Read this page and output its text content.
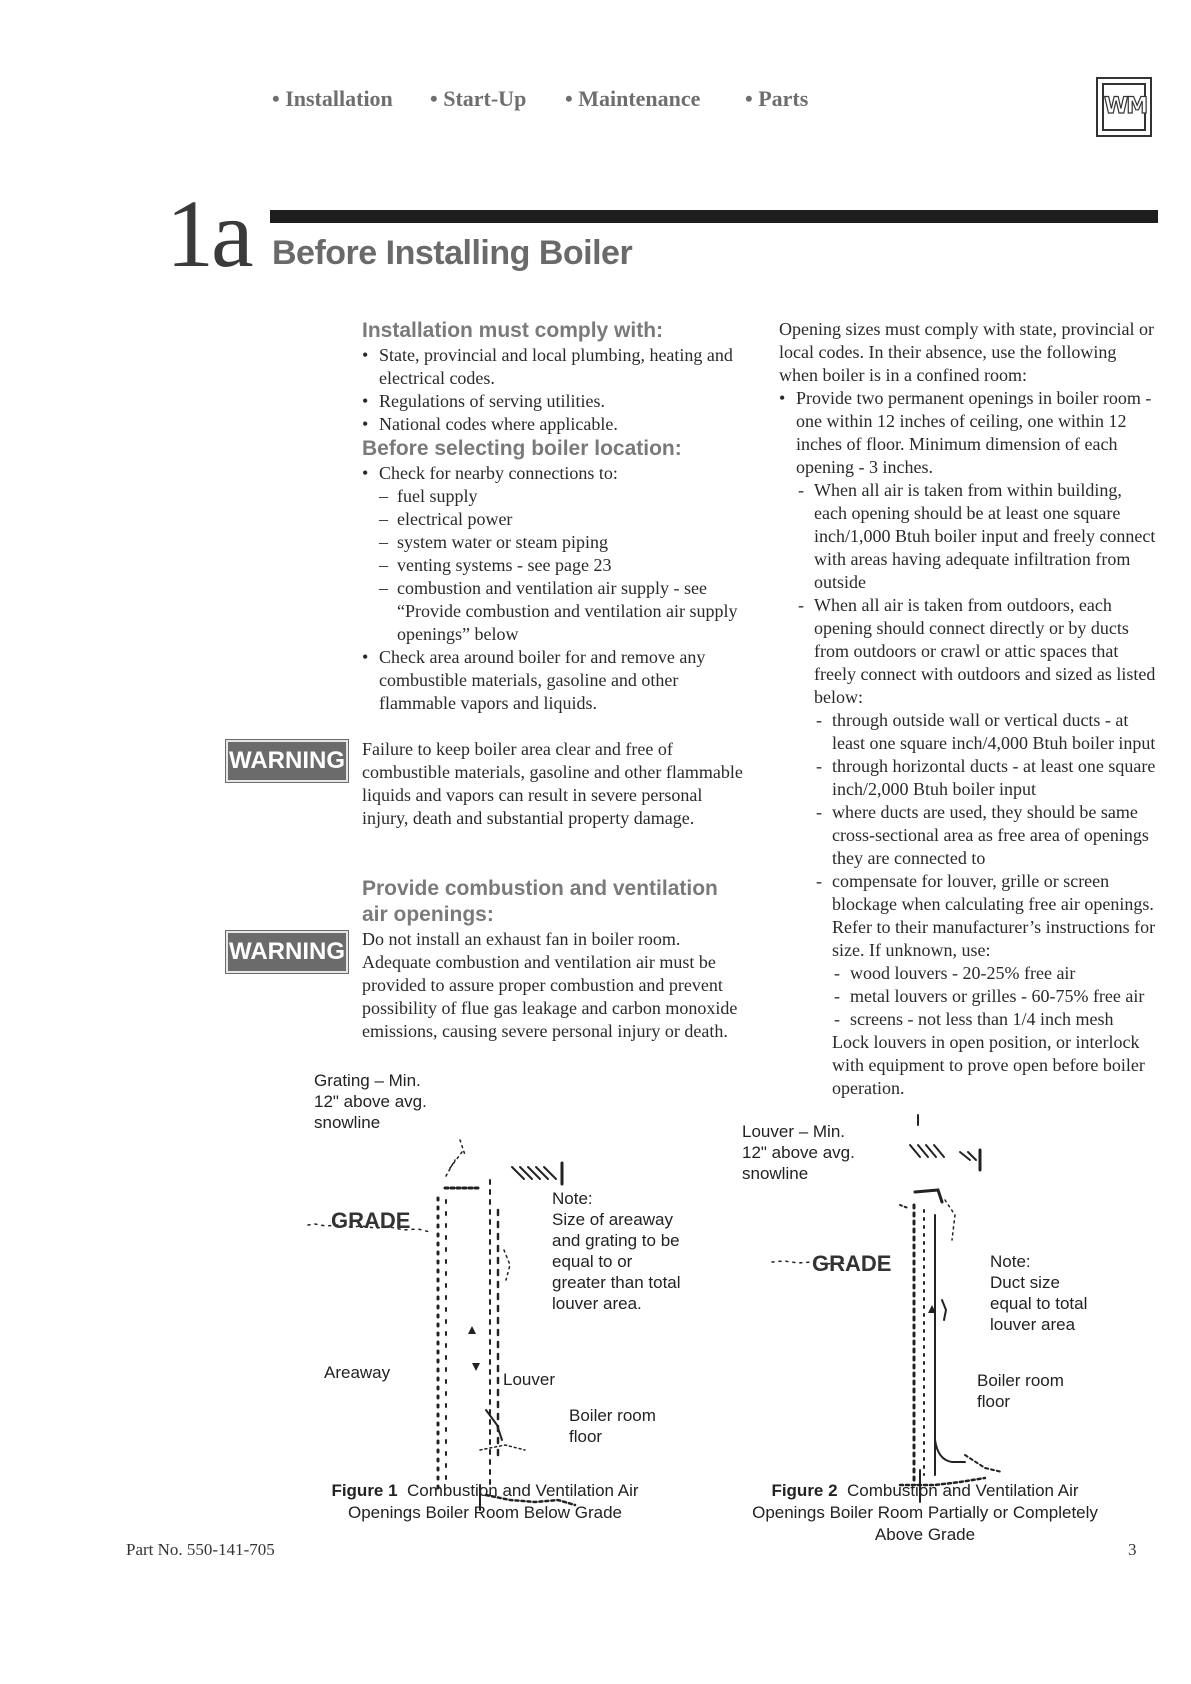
• Installation • Start-Up • Maintenance • Parts	WM
1a Before Installing Boiler
Installation must comply with:
• State, provincial and local plumbing, heating and electrical codes.
• Regulations of serving utilities.
• National codes where applicable.
Before selecting boiler location:
• Check for nearby connections to:
– fuel supply
– electrical power
– system water or steam piping
– venting systems - see page 23
– combustion and ventilation air supply - see “Provide combustion and ventilation air supply openings” below
• Check area around boiler for and remove any combustible materials, gasoline and other flammable vapors and liquids.
WARNING Failure to keep boiler area clear and free of combustible materials, gasoline and other flammable liquids and vapors can result in severe personal injury, death and substantial property damage.
Provide combustion and ventilation air openings:
WARNING Do not install an exhaust fan in boiler room. Adequate combustion and ventilation air must be provided to assure proper combustion and prevent possibility of flue gas leakage and carbon monoxide emissions, causing severe personal injury or death.
Opening sizes must comply with state, provincial or local codes. In their absence, use the following when boiler is in a confined room:
• Provide two permanent openings in boiler room - one within 12 inches of ceiling, one within 12 inches of floor. Minimum dimension of each opening - 3 inches.
- When all air is taken from within building, each opening should be at least one square inch/1,000 Btuh boiler input and freely connect with areas having adequate infiltration from outside
- When all air is taken from outdoors, each opening should connect directly or by ducts from outdoors or crawl or attic spaces that freely connect with outdoors and sized as listed below:
- through outside wall or vertical ducts - at least one square inch/4,000 Btuh boiler input
- through horizontal ducts - at least one square inch/2,000 Btuh boiler input
- where ducts are used, they should be same cross-sectional area as free area of openings they are connected to
- compensate for louver, grille or screen blockage when calculating free air openings. Refer to their manufacturer’s instructions for size. If unknown, use:
- wood louvers - 20-25% free air
- metal louvers or grilles - 60-75% free air
- screens - not less than 1/4 inch mesh
Lock louvers in open position, or interlock with equipment to prove open before boiler operation.
Grating – Min.
12" above avg.
snowline
GRADE
Note:
Size of areaway
and grating to be
equal to or
greater than total
louver area.
Areaway	Louver
Boiler room
floor
Figure 1 Combustion and Ventilation Air
Openings Boiler Room Below Grade
Louver – Min.
12" above avg.
snowline
GRADE	Note:
Duct size
equal to total
louver area
Boiler room
floor
Figure 2 Combustion and Ventilation Air
Openings Boiler Room Partially or Completely
Above Grade
Part No. 550-141-705	3
